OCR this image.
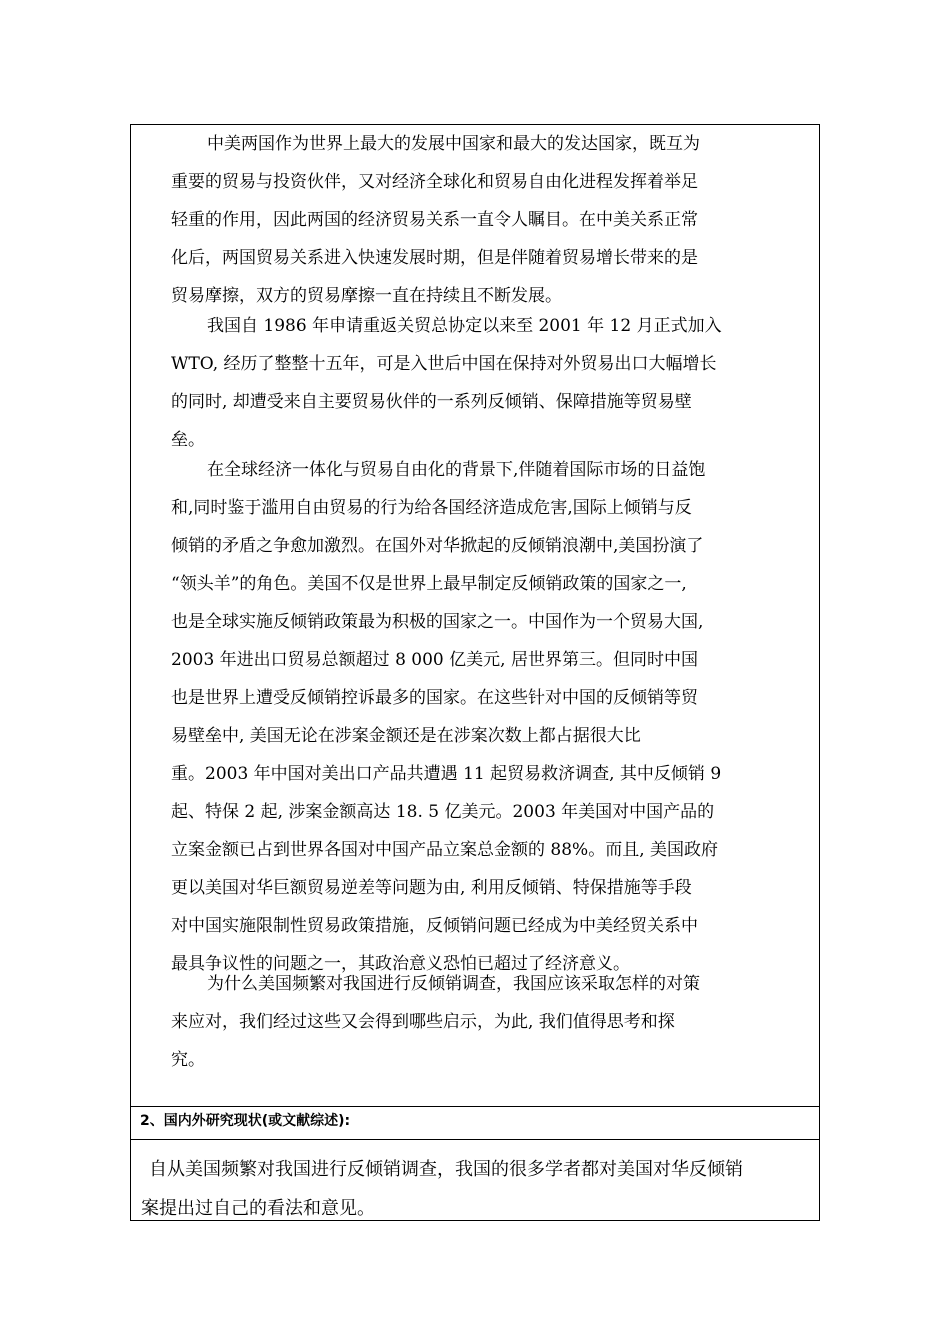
中美两国作为世界上最大的发展中国家和最大的发达国家，既互为
重要的贸易与投资伙伴，又对经济全球化和贸易自由化进程发挥着举足
轻重的作用，因此两国的经济贸易关系一直令人瞩目。在中美关系正常
化后，两国贸易关系进入快速发展时期，但是伴随着贸易增长带来的是
贸易摩擦，双方的贸易摩擦一直在持续且不断发展。
我国自 1986 年申请重返关贸总协定以来至 2001 年 12 月正式加入
WTO, 经历了整整十五年，可是入世后中国在保持对外贸易出口大幅增长
的同时, 却遭受来自主要贸易伙伴的一系列反倾销、保障措施等贸易壁
垒。
在全球经济一体化与贸易自由化的背景下,伴随着国际市场的日益饱
和,同时鉴于滥用自由贸易的行为给各国经济造成危害,国际上倾销与反
倾销的矛盾之争愈加激烈。在国外对华掀起的反倾销浪潮中,美国扮演了
“领头羊”的角色。美国不仅是世界上最早制定反倾销政策的国家之一,
也是全球实施反倾销政策最为积极的国家之一。中国作为一个贸易大国,
2003 年进出口贸易总额超过 8 000 亿美元, 居世界第三。但同时中国
也是世界上遭受反倾销控诉最多的国家。在这些针对中国的反倾销等贸
易壁垒中, 美国无论在涉案金额还是在涉案次数上都占据很大比
重。2003 年中国对美出口产品共遭遇 11 起贸易救济调查, 其中反倾销 9
起、特保 2 起, 涉案金额高达 18. 5 亿美元。2003 年美国对中国产品的
立案金额已占到世界各国对中国产品立案总金额的 88%。而且, 美国政府
更以美国对华巨额贸易逆差等问题为由, 利用反倾销、特保措施等手段
对中国实施限制性贸易政策措施，反倾销问题已经成为中美经贸关系中
最具争议性的问题之一，其政治意义恐怕已超过了经济意义。
为什么美国频繁对我国进行反倾销调查，我国应该采取怎样的对策
来应对，我们经过这些又会得到哪些启示，为此, 我们值得思考和探
究。
2、国内外研究现状(或文献综述):
自从美国频繁对我国进行反倾销调查，我国的很多学者都对美国对华反倾销
案提出过自己的看法和意见。
